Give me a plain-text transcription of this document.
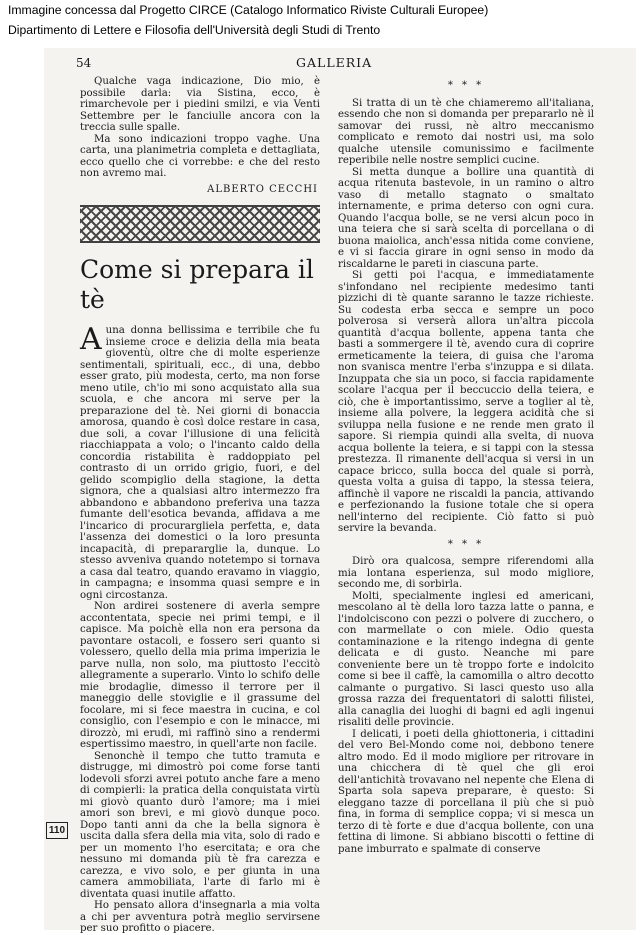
Immagine concessa dal Progetto CIRCE (Catalogo Informatico Riviste Culturali Europee)
Dipartimento di Lettere e Filosofia dell'Università degli Studi di Trento
54	GALLERIA

Qualche vaga indicazione, Dio mio, è possibile darla: via Sistina, ecco, è rimarchevole per i piedini smilzi, e via Venti Settembre per le fanciulle ancora con la treccia sulle spalle.

Ma sono indicazioni troppo vaghe. Una carta, una planimetria completa e dettagliata, ecco quello che ci vorrebbe: e che del resto non avremo mai.

ALBERTO CECCHI
Come si prepara il tè

Auna donna bellissima e terribile che fu insieme croce e delizia della mia beata gioventù, oltre che di molte esperienze sentimentali, spirituali, ecc., di una, debbo esser grato, più modesta, certo, ma non forse meno utile, ch'io mi sono acquistato alla sua scuola, e che ancora mi serve per la preparazione del tè. Nei giorni di bonaccia amorosa, quando è così dolce restare in casa, due soli, a covar l'illusione di una felicità riacchiappata a volo; o l'incanto caldo della concordia ristabilita è raddoppiato pel contrasto di un orrido grigio, fuori, e del gelido scompiglio della stagione, la detta signora, che a qualsiasi altro intermezzo fra abbandono e abbandono preferiva una tazza fumante dell'esotica bevanda, affidava a me l'incarico di procurargliela perfetta, e, data l'assenza dei domestici o la loro presunta incapacità, di prepararglie la, dunque. Lo stesso avveniva quando notetempo si tornava a casa dal teatro, quando eravamo in viaggio, in campagna; e insomma quasi sempre e in ogni circostanza.

Non ardirei sostenere di averla sempre accontentata, specie nei primi tempi, e il capisce. Ma poichè ella non era persona da pavontare ostacoli, e fossero seri quanto si volessero, quello della mia prima imperizia le parve nulla, non solo, ma piuttosto l'eccitò allegramente a superarlo. Vinto lo schifo delle mie brodaglie, dimesso il terrore per il maneggio delle stoviglie e il grassume del focolare, mi si fece maestra in cucina, e col consiglio, con l'esempio e con le minacce, mi dirozzò, mi erudì, mi raffinò sino a rendermi espertissimo maestro, in quell'arte non facile.

Senonchè il tempo che tutto tramuta e distrugge, mi dimostrò poi come forse tanti lodevoli sforzi avrei potuto anche fare a meno di compierli: la pratica della conquistata virtù mi giovò quanto durò l'amore; ma i miei amori son brevi, e mi giovò dunque poco. Dopo tanti anni da che la bella signora è uscita dalla sfera della mia vita, solo di rado e per un momento l'ho esercitata; e ora che nessuno mi domanda più tè fra carezza e carezza, e vivo solo, e per giunta in una camera ammobiliata, l'arte di farlo mi è diventata quasi inutile affatto.

Ho pensato allora d'insegnarla a mia volta a chi per avventura potrà meglio servirsene per suo profitto o piacere.

* * *

Si tratta di un tè che chiameremo all'italiana, essendo che non si domanda per prepararlo nè il samovar dei russi, nè altro meccanismo complicato e remoto dai nostri usi, ma solo qualche utensile comunissimo e facilmente reperibile nelle nostre semplici cucine.

Si metta dunque a bollire una quantità di acqua ritenuta bastevole, in un ramino o altro vaso di metallo stagnato o smaltato internamente, e prima deterso con ogni cura. Quando l'acqua bolle, se ne versi alcun poco in una teiera che si sarà scelta di porcellana o di buona maiolica, anch'essa nitida come conviene, e vi si faccia girare in ogni senso in modo da riscaldarne le pareti in ciascuna parte.

Si getti poi l'acqua, e immediatamente s'infondano nel recipiente medesimo tanti pizzichi di tè quante saranno le tazze richieste. Su codesta erba secca e sempre un poco polverosa si verserà allora un'altra piccola quantità d'acqua bollente, appena tanta che basti a sommergere il tè, avendo cura di coprire ermeticamente la teiera, di guisa che l'aroma non svanisca mentre l'erba s'inzuppa e si dilata. Inzuppata che sia un poco, si faccia rapidamente scolare l'acqua per il beccuccio della teiera, e ciò, che è importantissimo, serve a toglier al tè, insieme alla polvere, la leggera acidità che si sviluppa nella fusione e ne rende men grato il sapore. Si riempia quindi alla svelta, di nuova acqua bollente la teiera, e si tappi con la stessa prestezza. Il rimanente dell'acqua si versi in un capace bricco, sulla bocca del quale si porrà, questa volta a guisa di tappo, la stessa teiera, affinchè il vapore ne riscaldi la pancia, attivando e perfezionando la fusione totale che si opera nell'interno del recipiente. Ciò fatto si può servire la bevanda.

* * *

Dirò ora qualcosa, sempre riferendomi alla mia lontana esperienza, sul modo migliore, secondo me, di sorbirla.

Molti, specialmente inglesi ed americani, mescolano al tè della loro tazza latte o panna, e l'indolciscono con pezzi o polvere di zucchero, o con marmellate o con miele. Odio questa contaminazione e la ritengo indegna di gente delicata e di gusto. Neanche mi pare conveniente bere un tè troppo forte e indolcito come si bee il caffè, la camomilla o altro decotto calmante o purgativo. Si lasci questo uso alla grossa razza dei frequentatori di salotti filistei, alla canaglia dei luoghi di bagni ed agli ingenui risaliti delle provincie.

I delicati, i poeti della ghiottoneria, i cittadini del vero Bel-Mondo come noi, debbono tenere altro modo. Ed il modo migliore per ritrovare in una chicchera di tè quel che gli eroi dell'antichità trovavano nel nepente che Elena di Sparta sola sapeva preparare, è questo: Si eleggano tazze di porcellana il più che si può fina, in forma di semplice coppa; vi si mesca un terzo di tè forte e due d'acqua bollente, con una fettina di limone. Si abbiano biscotti o fettine di pane imburrato e spalmate di conserve

110
